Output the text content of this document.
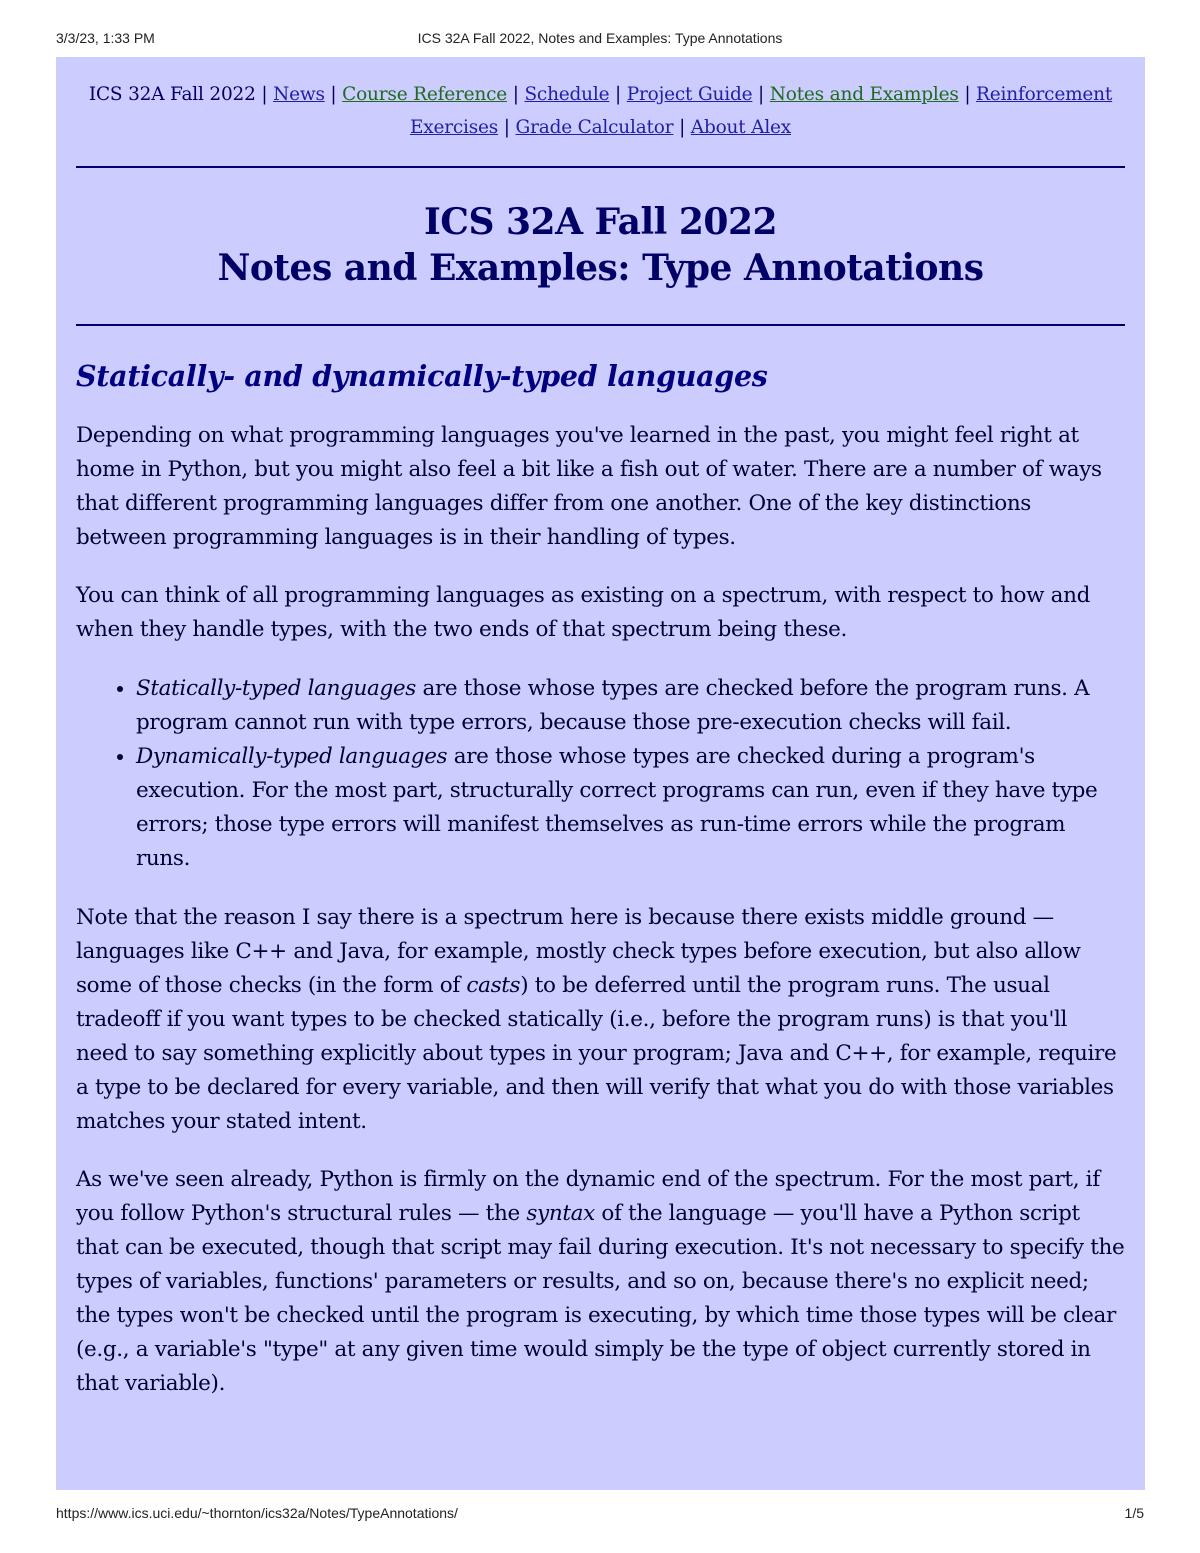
3/3/23, 1:33 PM	ICS 32A Fall 2022, Notes and Examples: Type Annotations
ICS 32A Fall 2022 | News | Course Reference | Schedule | Project Guide | Notes and Examples | Reinforcement Exercises | Grade Calculator | About Alex
ICS 32A Fall 2022
Notes and Examples: Type Annotations
Statically- and dynamically-typed languages

Depending on what programming languages you've learned in the past, you might feel right at home in Python, but you might also feel a bit like a fish out of water. There are a number of ways that different programming languages differ from one another. One of the key distinctions between programming languages is in their handling of types.

You can think of all programming languages as existing on a spectrum, with respect to how and when they handle types, with the two ends of that spectrum being these.

• Statically-typed languages are those whose types are checked before the program runs. A program cannot run with type errors, because those pre-execution checks will fail.
• Dynamically-typed languages are those whose types are checked during a program's execution. For the most part, structurally correct programs can run, even if they have type errors; those type errors will manifest themselves as run-time errors while the program runs.

Note that the reason I say there is a spectrum here is because there exists middle ground — languages like C++ and Java, for example, mostly check types before execution, but also allow some of those checks (in the form of casts) to be deferred until the program runs. The usual tradeoff if you want types to be checked statically (i.e., before the program runs) is that you'll need to say something explicitly about types in your program; Java and C++, for example, require a type to be declared for every variable, and then will verify that what you do with those variables matches your stated intent.

As we've seen already, Python is firmly on the dynamic end of the spectrum. For the most part, if you follow Python's structural rules — the syntax of the language — you'll have a Python script that can be executed, though that script may fail during execution. It's not necessary to specify the types of variables, functions' parameters or results, and so on, because there's no explicit need; the types won't be checked until the program is executing, by which time those types will be clear (e.g., a variable's "type" at any given time would simply be the type of object currently stored in that variable).

https://www.ics.uci.edu/~thornton/ics32a/Notes/TypeAnnotations/	1/5
